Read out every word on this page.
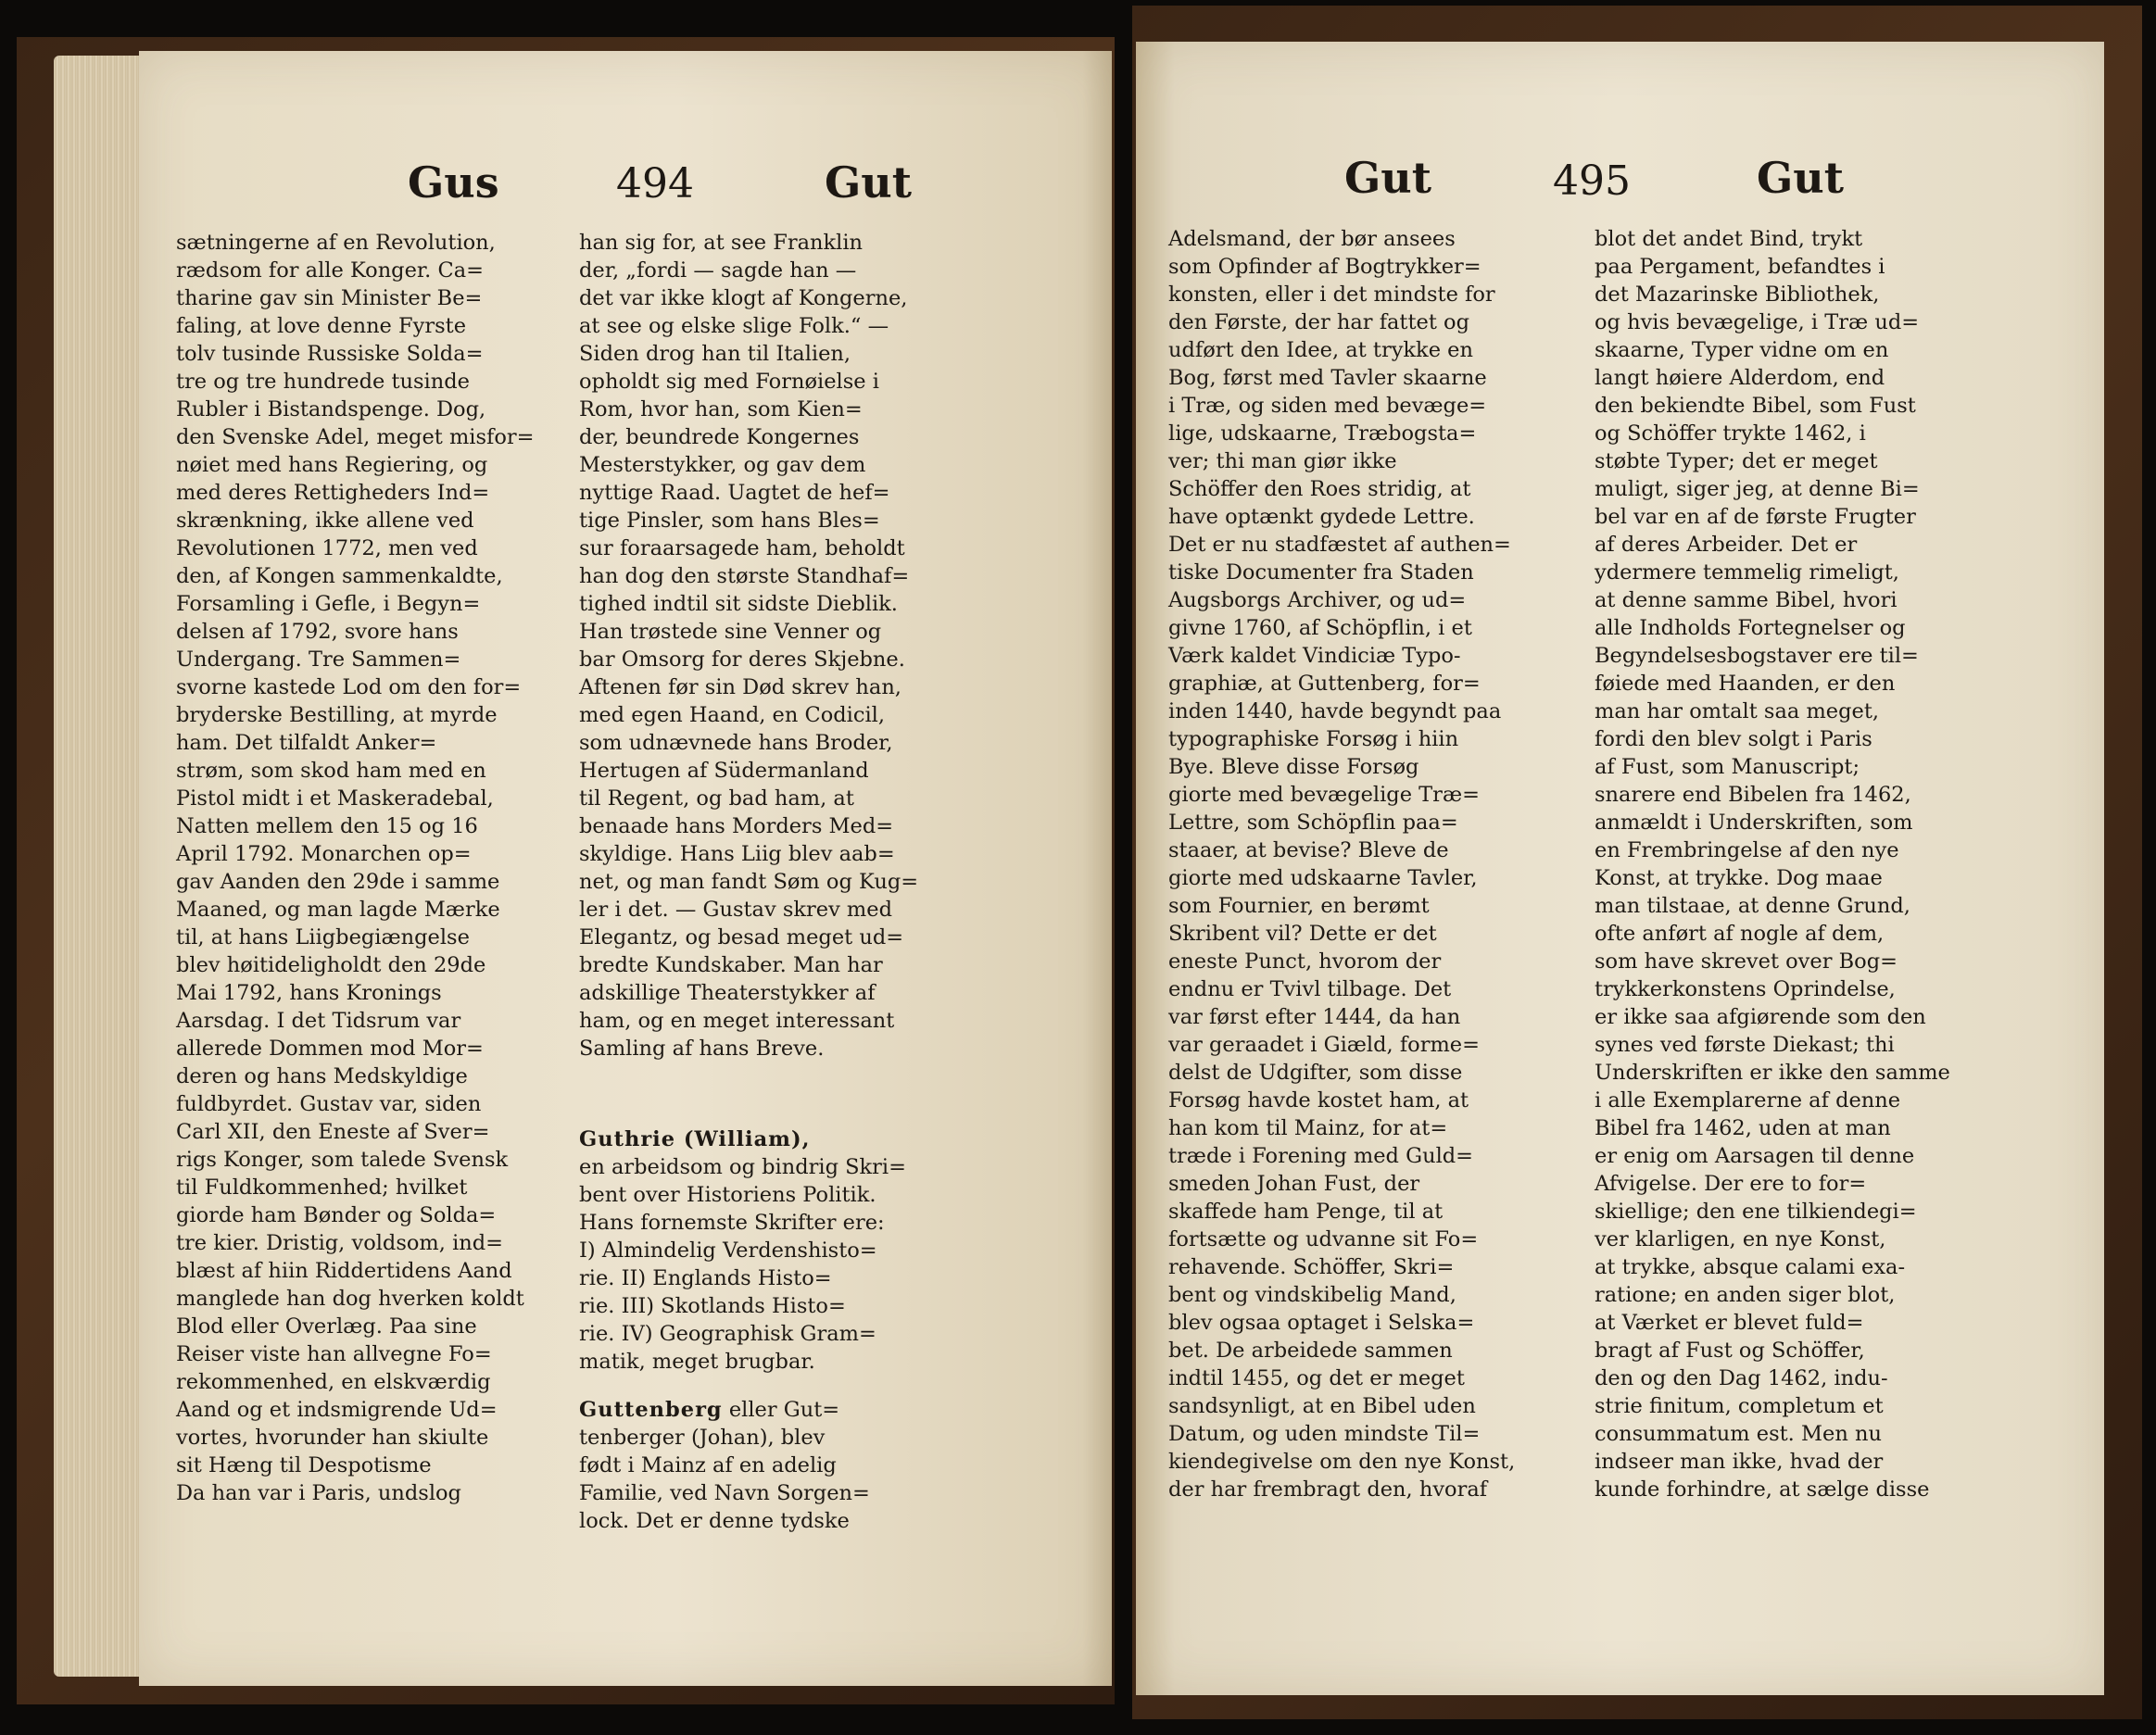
Gus	494	Gut

sætningerne af en Revolution,
rædsom for alle Konger. Ca=
tharine gav sin Minister Be=
faling, at love denne Fyrste
tolv tusinde Russiske Solda=
tre og tre hundrede tusinde
Rubler i Bistandspenge. Dog,
den Svenske Adel, meget misfor=
nøiet med hans Regiering, og
med deres Rettigheders Ind=
skrænkning, ikke allene ved
Revolutionen 1772, men ved
den, af Kongen sammenkaldte,
Forsamling i Gefle, i Begyn=
delsen af 1792, svore hans
Undergang. Tre Sammen=
svorne kastede Lod om den for=
bryderske Bestilling, at myrde
ham. Det tilfaldt Anker=
strøm, som skod ham med en
Pistol midt i et Maskeradebal,
Natten mellem den 15 og 16
April 1792. Monarchen op=
gav Aanden den 29de i samme
Maaned, og man lagde Mærke
til, at hans Liigbegiængelse
blev høitideligholdt den 29de
Mai 1792, hans Kronings
Aarsdag. I det Tidsrum var
allerede Dommen mod Mor=
deren og hans Medskyldige
fuldbyrdet. Gustav var, siden
Carl XII, den Eneste af Sver=
rigs Konger, som talede Svensk
til Fuldkommenhed; hvilket
giorde ham Bønder og Solda=
tre kier. Dristig, voldsom, ind=
blæst af hiin Riddertidens Aand
manglede han dog hverken koldt
Blod eller Overlæg. Paa sine
Reiser viste han allvegne Fo=
rekommenhed, en elskværdig
Aand og et indsmigrende Ud=
vortes, hvorunder han skiulte
sit Hæng til Despotisme
Da han var i Paris, undslog

han sig for, at see Franklin
der, „fordi — sagde han —
det var ikke klogt af Kongerne,
at see og elske slige Folk.“ —
Siden drog han til Italien,
opholdt sig med Fornøielse i
Rom, hvor han, som Kien=
der, beundrede Kongernes
Mesterstykker, og gav dem
nyttige Raad. Uagtet de hef=
tige Pinsler, som hans Bles=
sur foraarsagede ham, beholdt
han dog den største Standhaf=
tighed indtil sit sidste Dieblik.
Han trøstede sine Venner og
bar Omsorg for deres Skjebne.
Aftenen før sin Død skrev han,
med egen Haand, en Codicil,
som udnævnede hans Broder,
Hertugen af Südermanland
til Regent, og bad ham, at
benaade hans Morders Med=
skyldige. Hans Liig blev aab=
net, og man fandt Søm og Kug=
ler i det. — Gustav skrev med
Elegantz, og besad meget ud=
bredte Kundskaber. Man har
adskillige Theaterstykker af
ham, og en meget interessant
Samling af hans Breve.

Guthrie (William),

en arbeidsom og bindrig Skri=
bent over Historiens Politik.
Hans fornemste Skrifter ere:
I) Almindelig Verdenshisto=
rie. II) Englands Histo=
rie. III) Skotlands Histo=
rie. IV) Geographisk Gram=
matik, meget brugbar.

Guttenberg eller Gut=
tenberger (Johan), blev
født i Mainz af en adelig
Familie, ved Navn Sorgen=
lock. Det er denne tydske

Gut	495	Gut

Adelsmand, der bør ansees
som Opfinder af Bogtrykker=
konsten, eller i det mindste for
den Første, der har fattet og
udført den Idee, at trykke en
Bog, først med Tavler skaarne
i Træ, og siden med bevæge=
lige, udskaarne, Træbogsta=
ver; thi man giør ikke
Schöffer den Roes stridig, at
have optænkt gydede Lettre.
Det er nu stadfæstet af authen=
tiske Documenter fra Staden
Augsborgs Archiver, og ud=
givne 1760, af Schöpflin, i et
Værk kaldet Vindiciæ Typo-
graphiæ, at Guttenberg, for=
inden 1440, havde begyndt paa
typographiske Forsøg i hiin
Bye. Bleve disse Forsøg
giorte med bevægelige Træ=
Lettre, som Schöpflin paa=
staaer, at bevise? Bleve de
giorte med udskaarne Tavler,
som Fournier, en berømt
Skribent vil? Dette er det
eneste Punct, hvorom der
endnu er Tvivl tilbage. Det
var først efter 1444, da han
var geraadet i Giæld, forme=
delst de Udgifter, som disse
Forsøg havde kostet ham, at
han kom til Mainz, for at=
træde i Forening med Guld=
smeden Johan Fust, der
skaffede ham Penge, til at
fortsætte og udvanne sit Fo=
rehavende. Schöffer, Skri=
bent og vindskibelig Mand,
blev ogsaa optaget i Selska=
bet. De arbeidede sammen
indtil 1455, og det er meget
sandsynligt, at en Bibel uden
Datum, og uden mindste Til=
kiendegivelse om den nye Konst,
der har frembragt den, hvoraf

blot det andet Bind, trykt
paa Pergament, befandtes i
det Mazarinske Bibliothek,
og hvis bevægelige, i Træ ud=
skaarne, Typer vidne om en
langt høiere Alderdom, end
den bekiendte Bibel, som Fust
og Schöffer trykte 1462, i
støbte Typer; det er meget
muligt, siger jeg, at denne Bi=
bel var en af de første Frugter
af deres Arbeider. Det er
ydermere temmelig rimeligt,
at denne samme Bibel, hvori
alle Indholds Fortegnelser og
Begyndelsesbogstaver ere til=
føiede med Haanden, er den
man har omtalt saa meget,
fordi den blev solgt i Paris
af Fust, som Manuscript;
snarere end Bibelen fra 1462,
anmældt i Underskriften, som
en Frembringelse af den nye
Konst, at trykke. Dog maae
man tilstaae, at denne Grund,
ofte anført af nogle af dem,
som have skrevet over Bog=
trykkerkonstens Oprindelse,
er ikke saa afgiørende som den
synes ved første Diekast; thi
Underskriften er ikke den samme
i alle Exemplarerne af denne
Bibel fra 1462, uden at man
er enig om Aarsagen til denne
Afvigelse. Der ere to for=
skiellige; den ene tilkiendegi=
ver klarligen, en nye Konst,
at trykke, absque calami exa-
ratione; en anden siger blot,
at Værket er blevet fuld=
bragt af Fust og Schöffer,
den og den Dag 1462, indu-
strie finitum, completum et
consummatum est. Men nu
indseer man ikke, hvad der
kunde forhindre, at sælge disse
